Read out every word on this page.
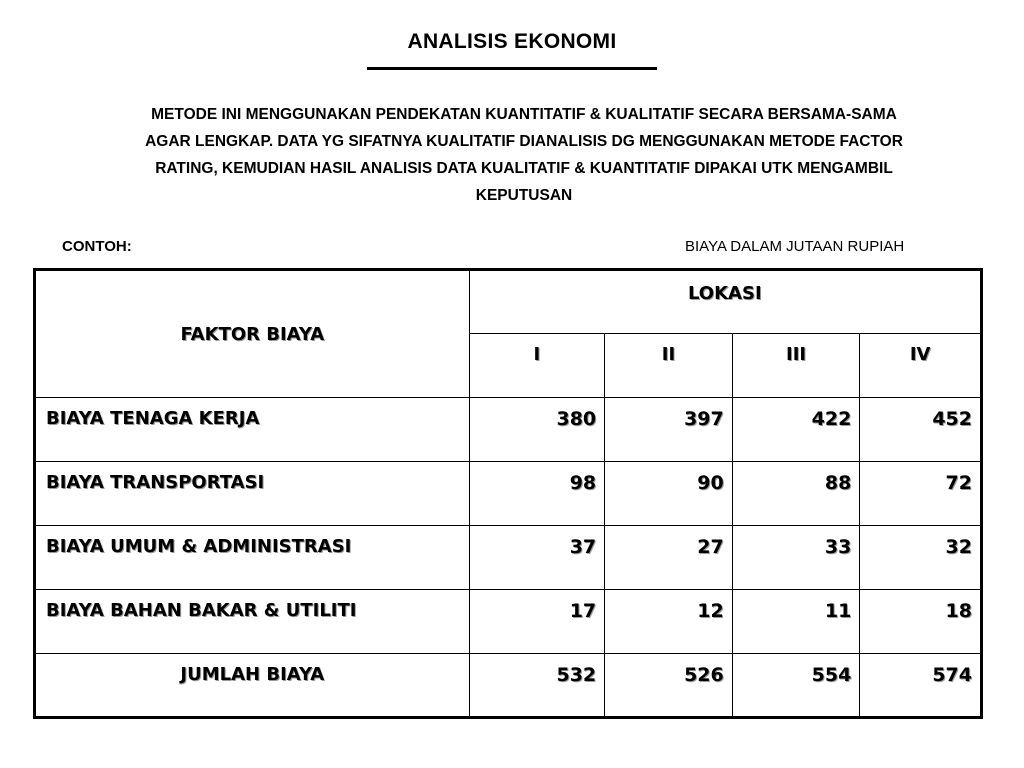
ANALISIS EKONOMI
METODE INI MENGGUNAKAN PENDEKATAN KUANTITATIF & KUALITATIF SECARA BERSAMA-SAMA
AGAR LENGKAP. DATA YG SIFATNYA KUALITATIF DIANALISIS DG MENGGUNAKAN METODE FACTOR
RATING, KEMUDIAN HASIL ANALISIS DATA KUALITATIF & KUANTITATIF DIPAKAI UTK MENGAMBIL
KEPUTUSAN
CONTOH:	BIAYA DALAM JUTAAN RUPIAH
FAKTOR BIAYA	LOKASI			
	I	II	III	IV
BIAYA TENAGA KERJA	380	397	422	452
BIAYA TRANSPORTASI	98	90	88	72
BIAYA UMUM & ADMINISTRASI	37	27	33	32
BIAYA BAHAN BAKAR & UTILITI	17	12	11	18
JUMLAH BIAYA	532	526	554	574
